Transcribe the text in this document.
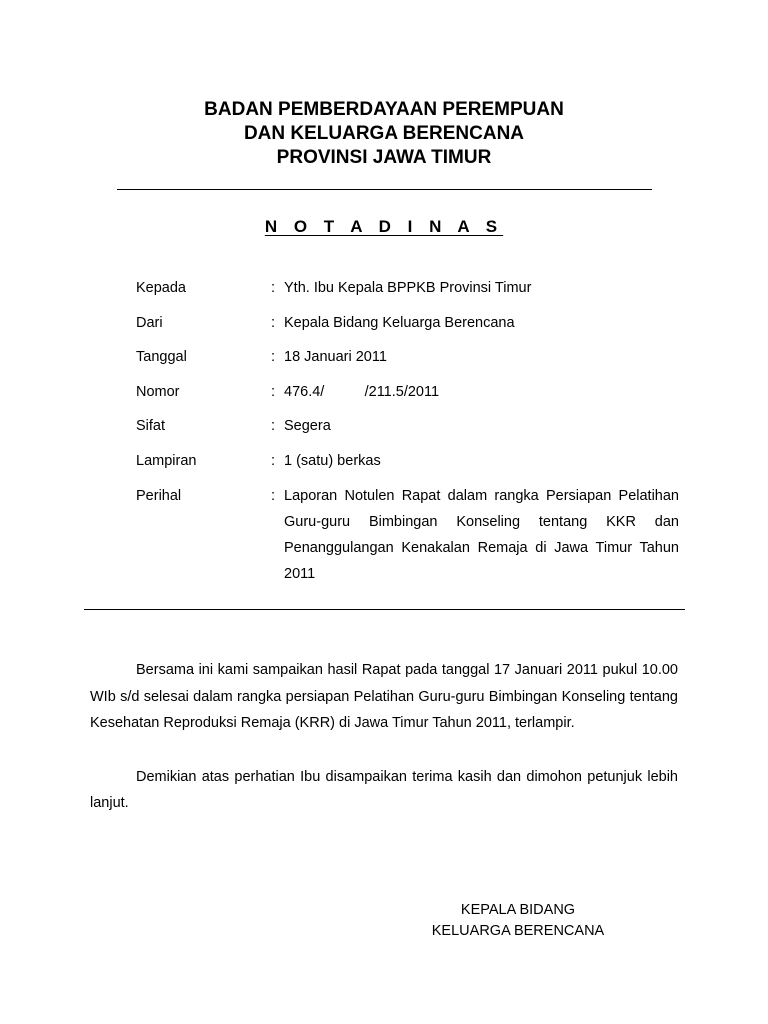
BADAN PEMBERDAYAAN PEREMPUAN
DAN KELUARGA BERENCANA
PROVINSI JAWA TIMUR
N O T A D I N A S
Kepada	: Yth. Ibu Kepala BPPKB Provinsi Timur
Dari	: Kepala Bidang Keluarga Berencana
Tanggal	: 18 Januari 2011
Nomor	: 476.4/          /211.5/2011
Sifat	: Segera
Lampiran	: 1 (satu) berkas
Perihal	: Laporan Notulen Rapat dalam rangka Persiapan Pelatihan Guru-guru Bimbingan Konseling tentang KKR dan Penanggulangan Kenakalan Remaja di Jawa Timur Tahun 2011

Bersama ini kami sampaikan hasil Rapat pada tanggal 17 Januari 2011 pukul 10.00 WIb s/d selesai dalam rangka persiapan Pelatihan Guru-guru Bimbingan Konseling tentang Kesehatan Reproduksi Remaja (KRR) di Jawa Timur Tahun 2011, terlampir.

Demikian atas perhatian Ibu disampaikan terima kasih dan dimohon petunjuk lebih lanjut.

KEPALA BIDANG
KELUARGA BERENCANA
